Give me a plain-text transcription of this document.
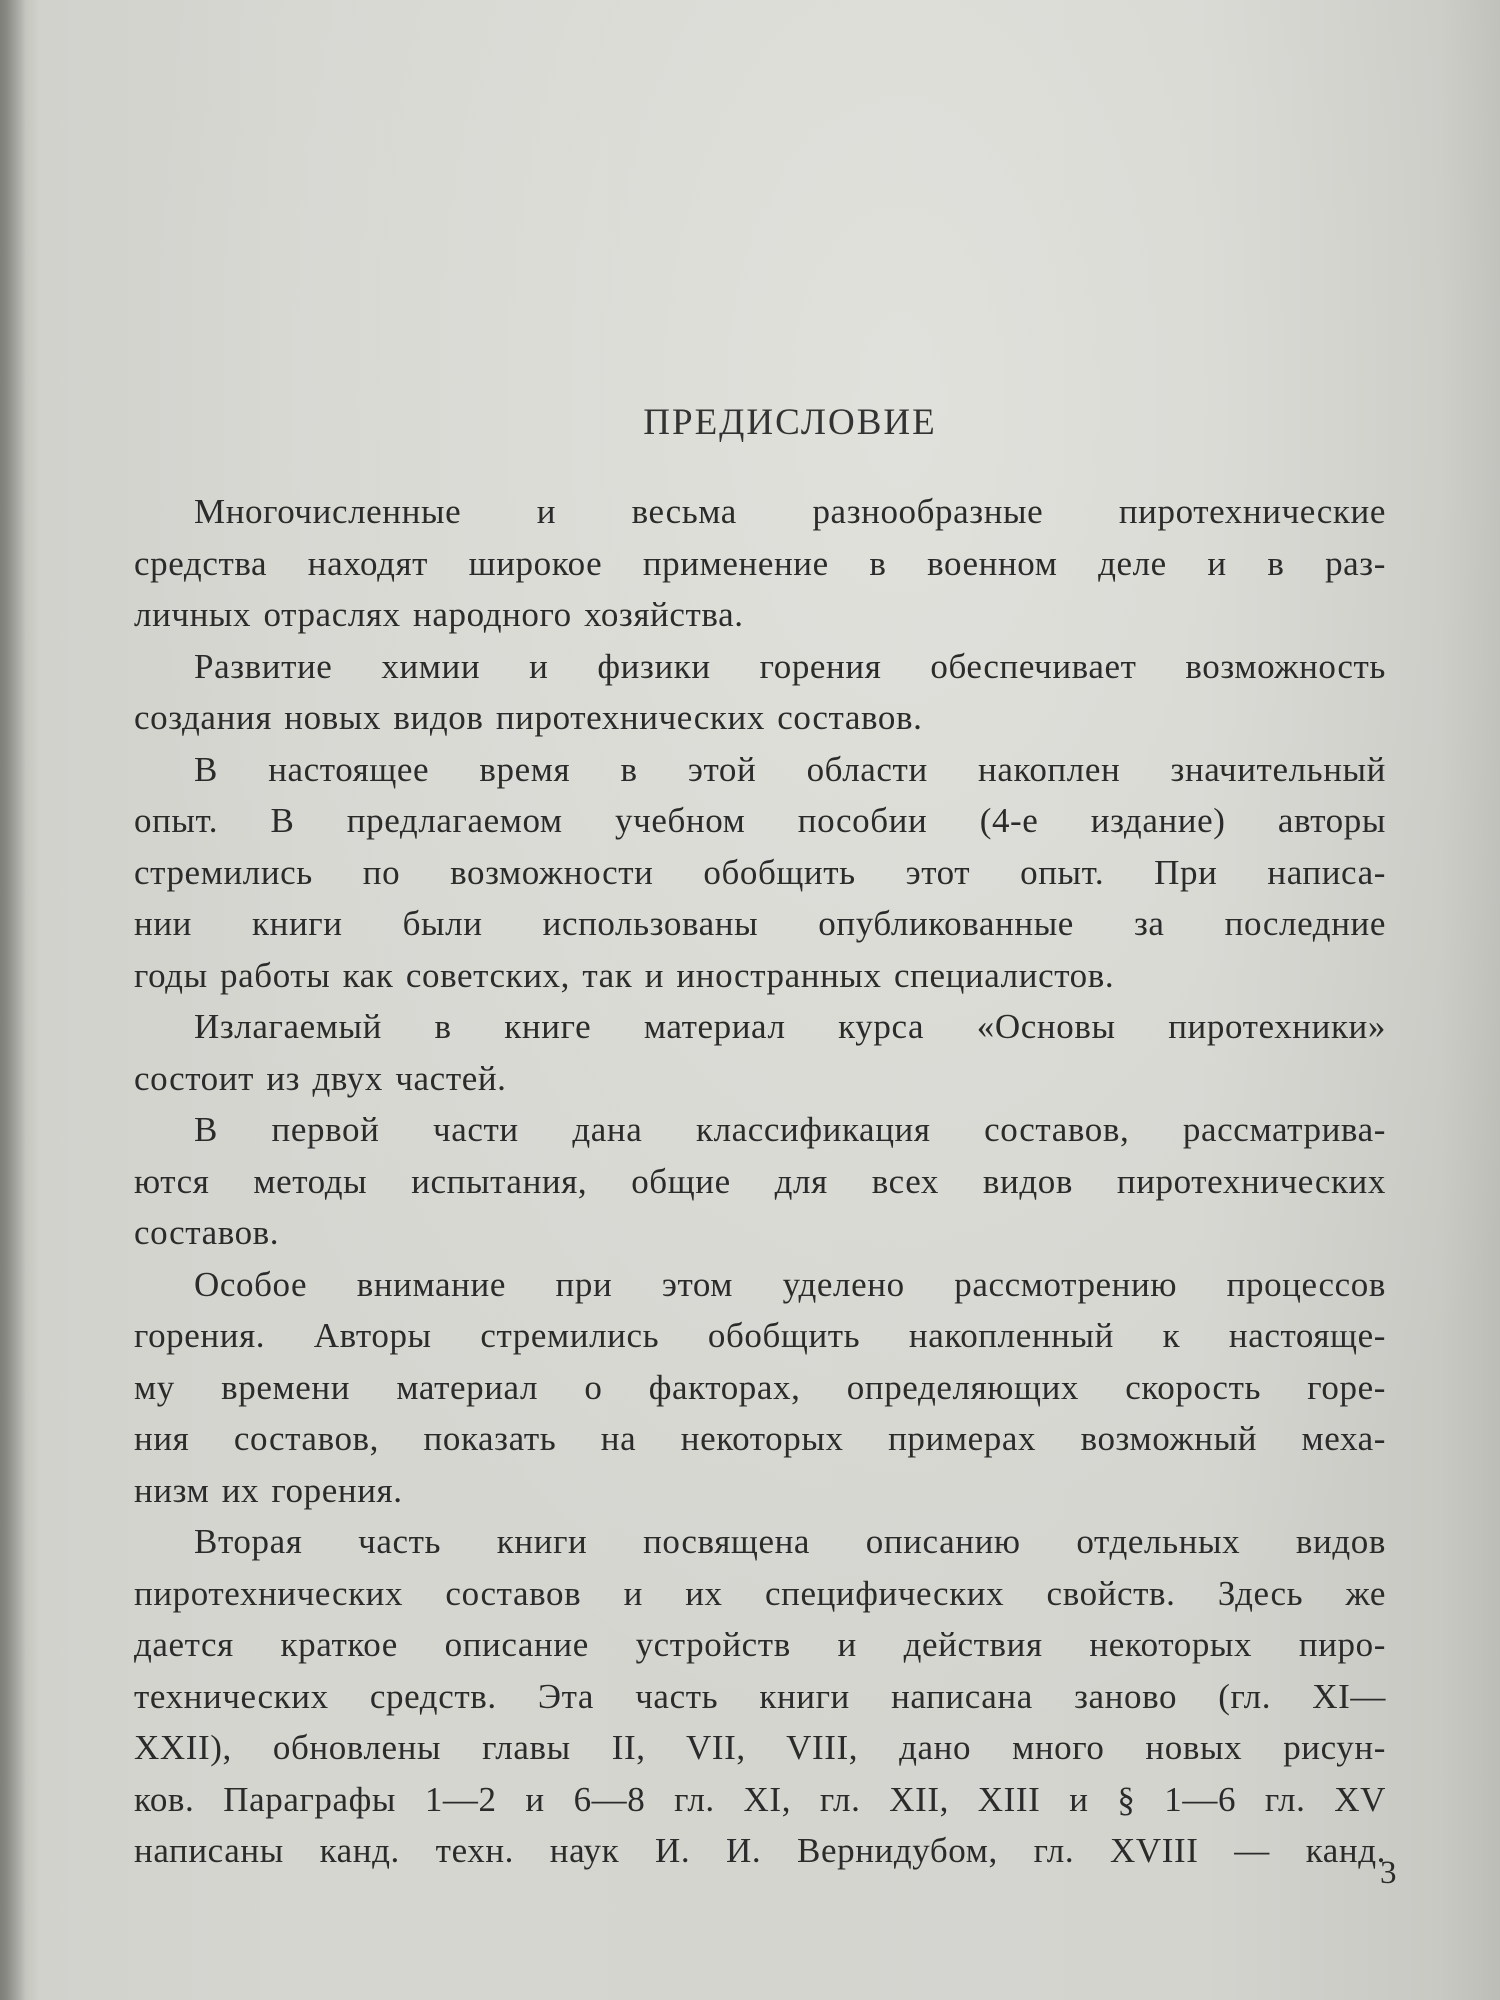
ПРЕДИСЛОВИЕ
Многочисленные и весьма разнообразные пиротехнические
средства находят широкое применение в военном деле и в раз-
личных отраслях народного хозяйства.
Развитие химии и физики горения обеспечивает возможность
создания новых видов пиротехнических составов.
В настоящее время в этой области накоплен значительный
опыт. В предлагаемом учебном пособии (4-е издание) авторы
стремились по возможности обобщить этот опыт. При написа-
нии книги были использованы опубликованные за последние
годы работы как советских, так и иностранных специалистов.
Излагаемый в книге материал курса «Основы пиротехники»
состоит из двух частей.
В первой части дана классификация составов, рассматрива-
ются методы испытания, общие для всех видов пиротехнических
составов.
Особое внимание при этом уделено рассмотрению процессов
горения. Авторы стремились обобщить накопленный к настояще-
му времени материал о факторах, определяющих скорость горе-
ния составов, показать на некоторых примерах возможный меха-
низм их горения.
Вторая часть книги посвящена описанию отдельных видов
пиротехнических составов и их специфических свойств. Здесь же
дается краткое описание устройств и действия некоторых пиро-
технических средств. Эта часть книги написана заново (гл. XI—
XXII), обновлены главы II, VII, VIII, дано много новых рисун-
ков. Параграфы 1—2 и 6—8 гл. XI, гл. XII, XIII и § 1—6 гл. XV
написаны канд. техн. наук И. И. Вернидубом, гл. XVIII — канд.
3
